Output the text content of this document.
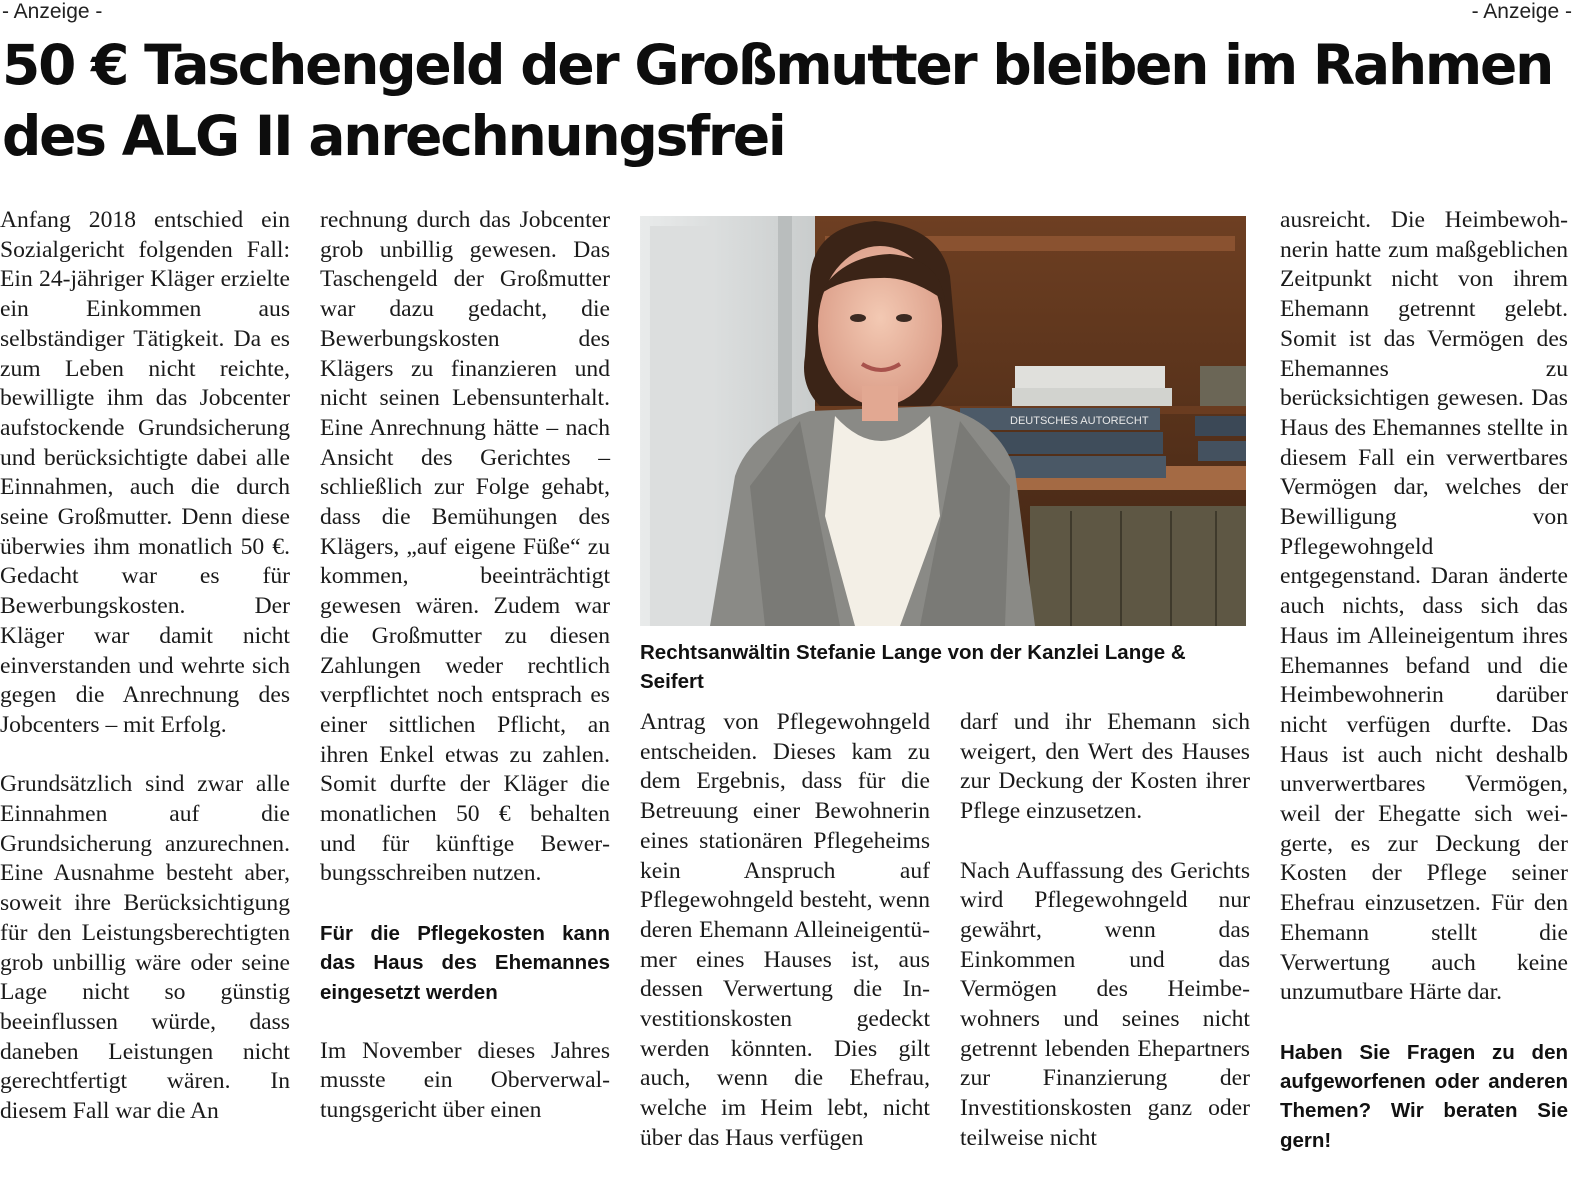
- Anzeige -	- Anzeige -
50 € Taschengeld der Großmutter bleiben im Rahmen des ALG II anrechnungsfrei

Anfang 2018 entschied ein Sozialgericht folgenden Fall: Ein 24-jähriger Kläger erzielte ein Einkommen aus selbständiger Tätigkeit. Da es zum Leben nicht reichte, bewilligte ihm das Jobcenter aufstockende Grundsicherung und berücksichtigte dabei alle Einnahmen, auch die durch seine Großmutter. Denn diese überwies ihm monatlich 50 €. Gedacht war es für Bewerbungskosten. Der Kläger war damit nicht einverstanden und wehrte sich gegen die Anrechnung des Jobcenters – mit Erfolg.

Grundsätzlich sind zwar alle Einnahmen auf die Grundsicherung anzurechnen. Eine Ausnahme besteht aber, soweit ihre Berücksichtigung für den Leistungsberechtigten grob unbillig wäre oder seine Lage nicht so günstig beeinflussen würde, dass daneben Leistungen nicht gerechtfertigt wären. In diesem Fall war die An

rechnung durch das Jobcenter grob unbillig gewesen. Das Taschengeld der Großmutter war dazu gedacht, die Bewerbungskosten des Klägers zu finanzieren und nicht seinen Lebensunterhalt. Eine Anrechnung hätte – nach Ansicht des Gerichtes – schließlich zur Folge gehabt, dass die Bemühungen des Klägers, „auf eigene Füße“ zu kommen, beeinträchtigt gewesen wären. Zudem war die Großmutter zu diesen Zahlungen weder rechtlich verpflichtet noch entsprach es einer sittlichen Pflicht, an ihren Enkel etwas zu zahlen. Somit durfte der Kläger die monatlichen 50 € behalten und für künftige Bewerbungsschreiben nutzen.

Für die Pflegekosten kann das Haus des Ehemannes eingesetzt werden

Im November dieses Jahres musste ein Oberverwaltungsgericht über einen

DEUTSCHES AUTORECHT
Rechtsanwältin Stefanie Lange von der Kanzlei Lange & Seifert

Antrag von Pflegewohngeld entscheiden. Dieses kam zu dem Ergebnis, dass für die Betreuung einer Bewohnerin eines stationären Pflegeheims kein Anspruch auf Pflegewohngeld besteht, wenn deren Ehemann Alleineigentümer eines Hauses ist, aus dessen Verwertung die Investitionskosten gedeckt werden könnten. Dies gilt auch, wenn die Ehefrau, welche im Heim lebt, nicht über das Haus verfügen

darf und ihr Ehemann sich weigert, den Wert des Hauses zur Deckung der Kosten ihrer Pflege einzusetzen.

Nach Auffassung des Gerichts wird Pflegewohngeld nur gewährt, wenn das Einkommen und das Vermögen des Heimbewohners und seines nicht getrennt lebenden Ehepartners zur Finanzierung der Investitionskosten ganz oder teilweise nicht

ausreicht. Die Heimbewohnerin hatte zum maßgeblichen Zeitpunkt nicht von ihrem Ehemann getrennt gelebt. Somit ist das Vermögen des Ehemannes zu berücksichtigen gewesen. Das Haus des Ehemannes stellte in diesem Fall ein verwertbares Vermögen dar, welches der Bewilligung von Pflegewohngeld entgegenstand. Daran änderte auch nichts, dass sich das Haus im Alleineigentum ihres Ehemannes befand und die Heimbewohnerin darüber nicht verfügen durfte. Das Haus ist auch nicht deshalb unverwertbares Vermögen, weil der Ehegatte sich weigerte, es zur Deckung der Kosten der Pflege seiner Ehefrau einzusetzen. Für den Ehemann stellt die Verwertung auch keine unzumutbare Härte dar.

Haben Sie Fragen zu den aufgeworfenen oder anderen Themen? Wir beraten Sie gern!
